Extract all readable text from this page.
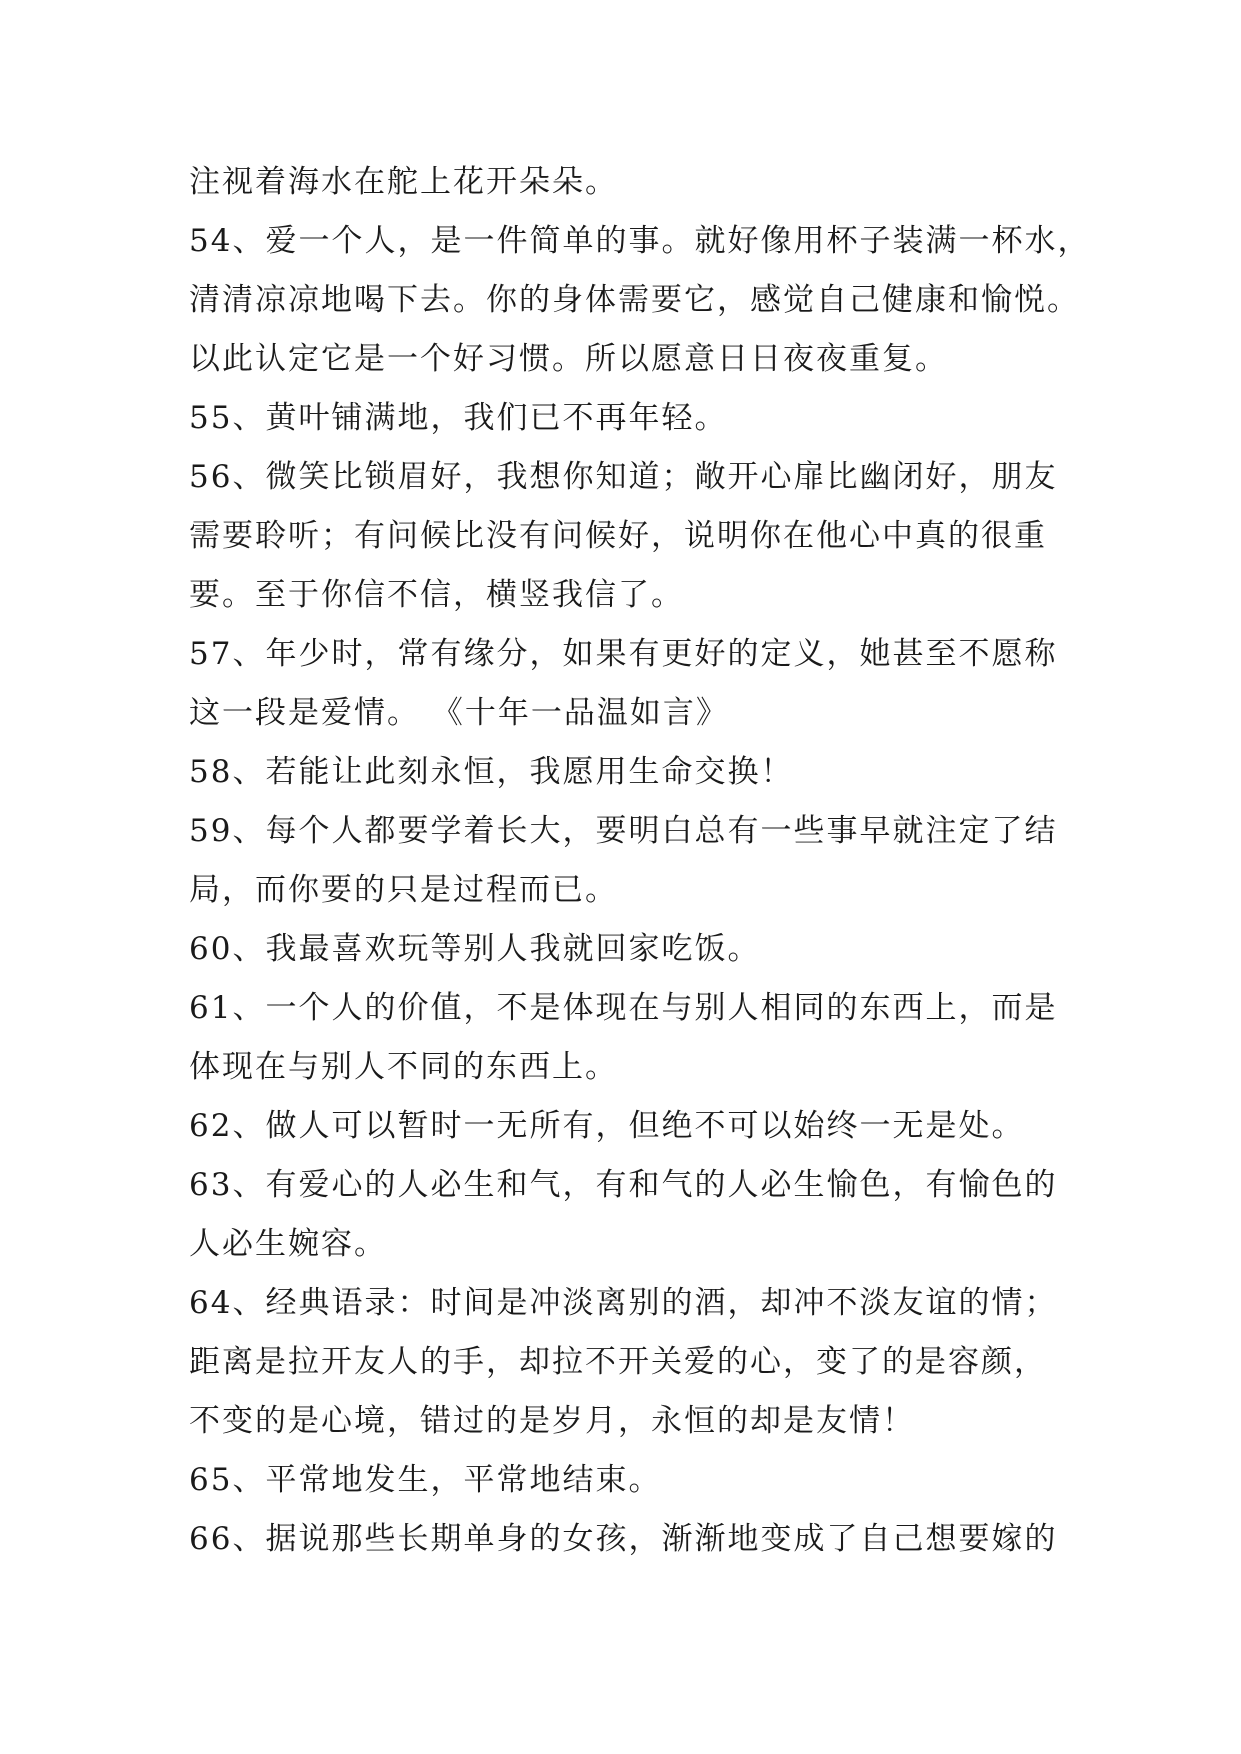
注视着海水在舵上花开朵朵。
54、爱一个人，是一件简单的事。就好像用杯子装满一杯水，
清清凉凉地喝下去。你的身体需要它，感觉自己健康和愉悦。
以此认定它是一个好习惯。所以愿意日日夜夜重复。
55、黄叶铺满地，我们已不再年轻。
56、微笑比锁眉好，我想你知道；敞开心扉比幽闭好，朋友
需要聆听；有问候比没有问候好，说明你在他心中真的很重
要。至于你信不信，横竖我信了。
57、年少时，常有缘分，如果有更好的定义，她甚至不愿称
这一段是爱情。 《十年一品温如言》
58、若能让此刻永恒，我愿用生命交换！
59、每个人都要学着长大，要明白总有一些事早就注定了结
局，而你要的只是过程而已。
60、我最喜欢玩等别人我就回家吃饭。
61、一个人的价值，不是体现在与别人相同的东西上，而是
体现在与别人不同的东西上。
62、做人可以暂时一无所有，但绝不可以始终一无是处。
63、有爱心的人必生和气，有和气的人必生愉色，有愉色的
人必生婉容。
64、经典语录：时间是冲淡离别的酒，却冲不淡友谊的情；
距离是拉开友人的手，却拉不开关爱的心，变了的是容颜，
不变的是心境，错过的是岁月，永恒的却是友情！
65、平常地发生，平常地结束。
66、据说那些长期单身的女孩，渐渐地变成了自己想要嫁的
